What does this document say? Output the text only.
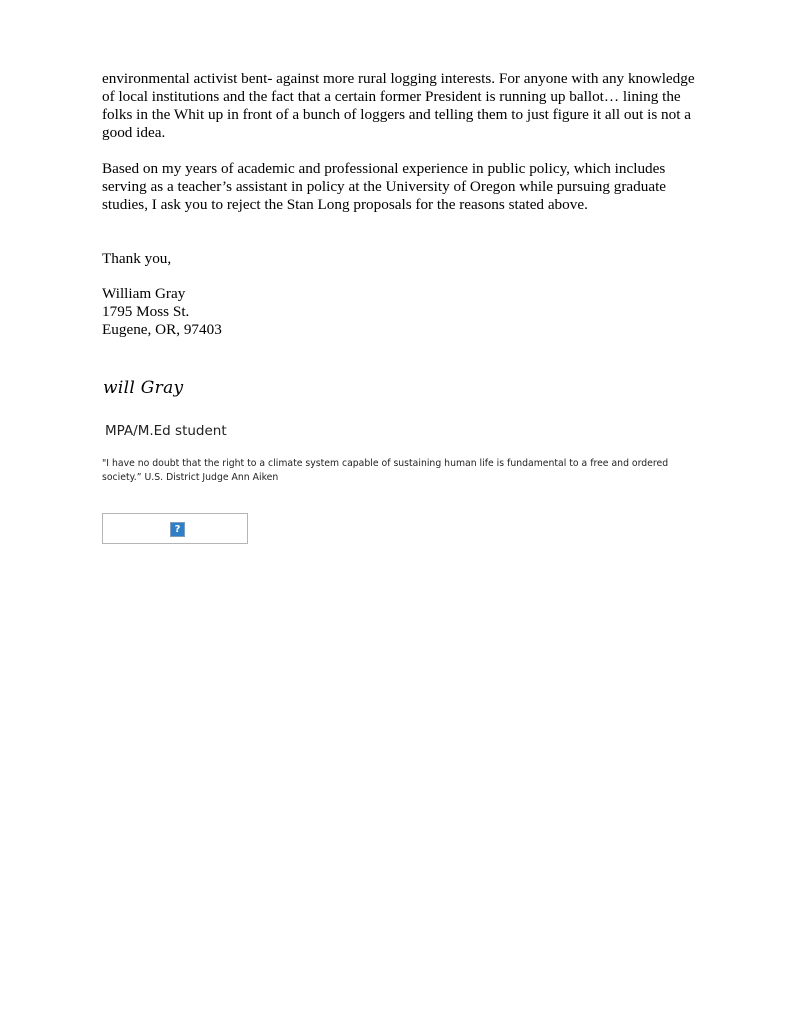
environmental activist bent- against more rural logging interests. For anyone with any knowledge of local institutions and the fact that a certain former President is running up ballot… lining the folks in the Whit up in front of a bunch of loggers and telling them to just figure it all out is not a good idea.

Based on my years of academic and professional experience in public policy, which includes serving as a teacher’s assistant in policy at the University of Oregon while pursuing graduate studies, I ask you to reject the Stan Long proposals for the reasons stated above.

Thank you,

William Gray
1795 Moss St.
Eugene, OR, 97403
will Gray
MPA/M.Ed student
"I have no doubt that the right to a climate system capable of sustaining human life is fundamental to a free and ordered society.” U.S. District Judge Ann Aiken
?
